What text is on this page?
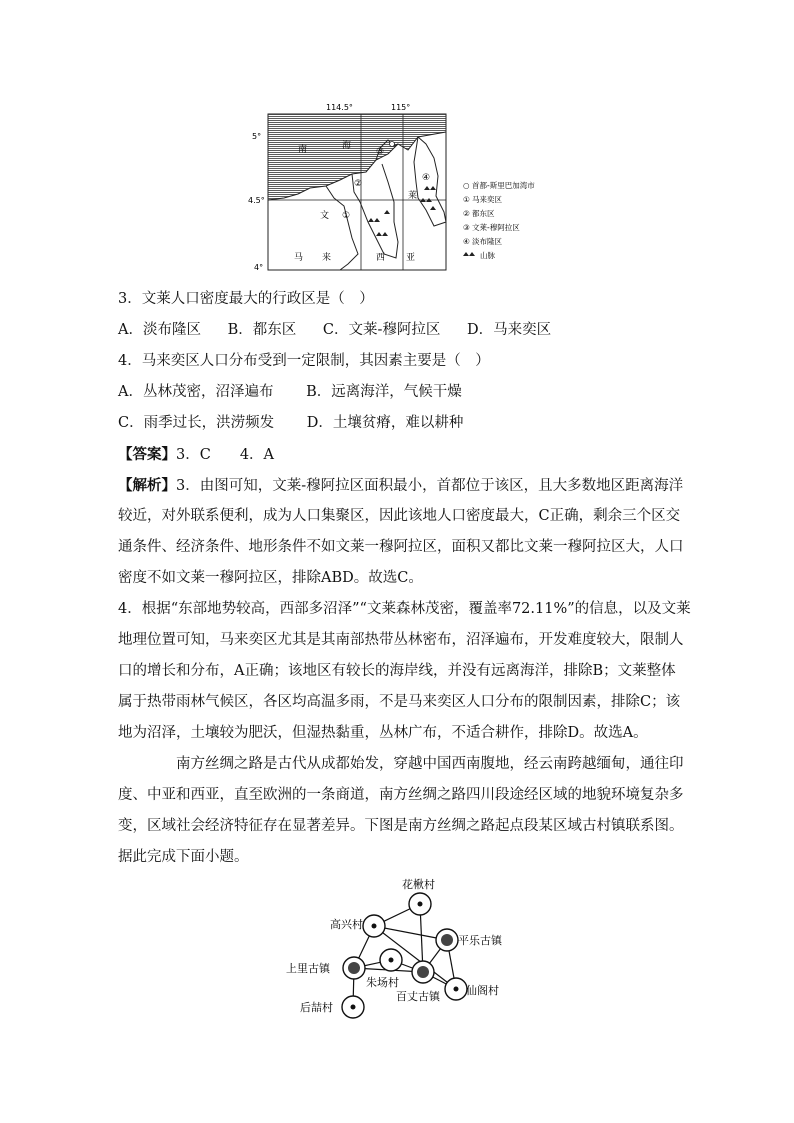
114.5°	115°
5°
4.5°
4°
南	海
文
莱
马 来	西 亚
①
②
③
④
○ 首都-斯里巴加湾市
① 马来奕区
② 都东区
③ 文莱-穆阿拉区
④ 淡布隆区
山脉
3．文莱人口密度最大的行政区是（　）
A．淡布隆区 B．都东区 C．文莱-穆阿拉区 D．马来奕区
4．马来奕区人口分布受到一定限制，其因素主要是（　）
A．丛林茂密，沼泽遍布 B．远离海洋，气候干燥
C．雨季过长，洪涝频发 D．土壤贫瘠，难以耕种
【答案】3．C　　4．A
【解析】3．由图可知，文莱-穆阿拉区面积最小，首都位于该区，且大多数地区距离海洋
较近，对外联系便利，成为人口集聚区，因此该地人口密度最大，C正确，剩余三个区交
通条件、经济条件、地形条件不如文莱一穆阿拉区，面积又都比文莱一穆阿拉区大，人口
密度不如文莱一穆阿拉区，排除ABD。故选C。
4．根据“东部地势较高，西部多沼泽”“文莱森林茂密，覆盖率72.11%”的信息，以及文莱
地理位置可知，马来奕区尤其是其南部热带丛林密布，沼泽遍布，开发难度较大，限制人
口的增长和分布，A正确；该地区有较长的海岸线，并没有远离海洋，排除B；文莱整体
属于热带雨林气候区，各区均高温多雨，不是马来奕区人口分布的限制因素，排除C；该
地为沼泽，土壤较为肥沃，但湿热黏重，丛林广布，不适合耕作，排除D。故选A。
南方丝绸之路是古代从成都始发，穿越中国西南腹地，经云南跨越缅甸，通往印
度、中亚和西亚，直至欧洲的一条商道，南方丝绸之路四川段途经区域的地貌环境复杂多
变，区域社会经济特征存在显著差异。下图是南方丝绸之路起点段某区域古村镇联系图。
据此完成下面小题。
花楸村
高兴村
平乐古镇
上里古镇
朱场村
百丈古镇 仙阁村
后喆村
